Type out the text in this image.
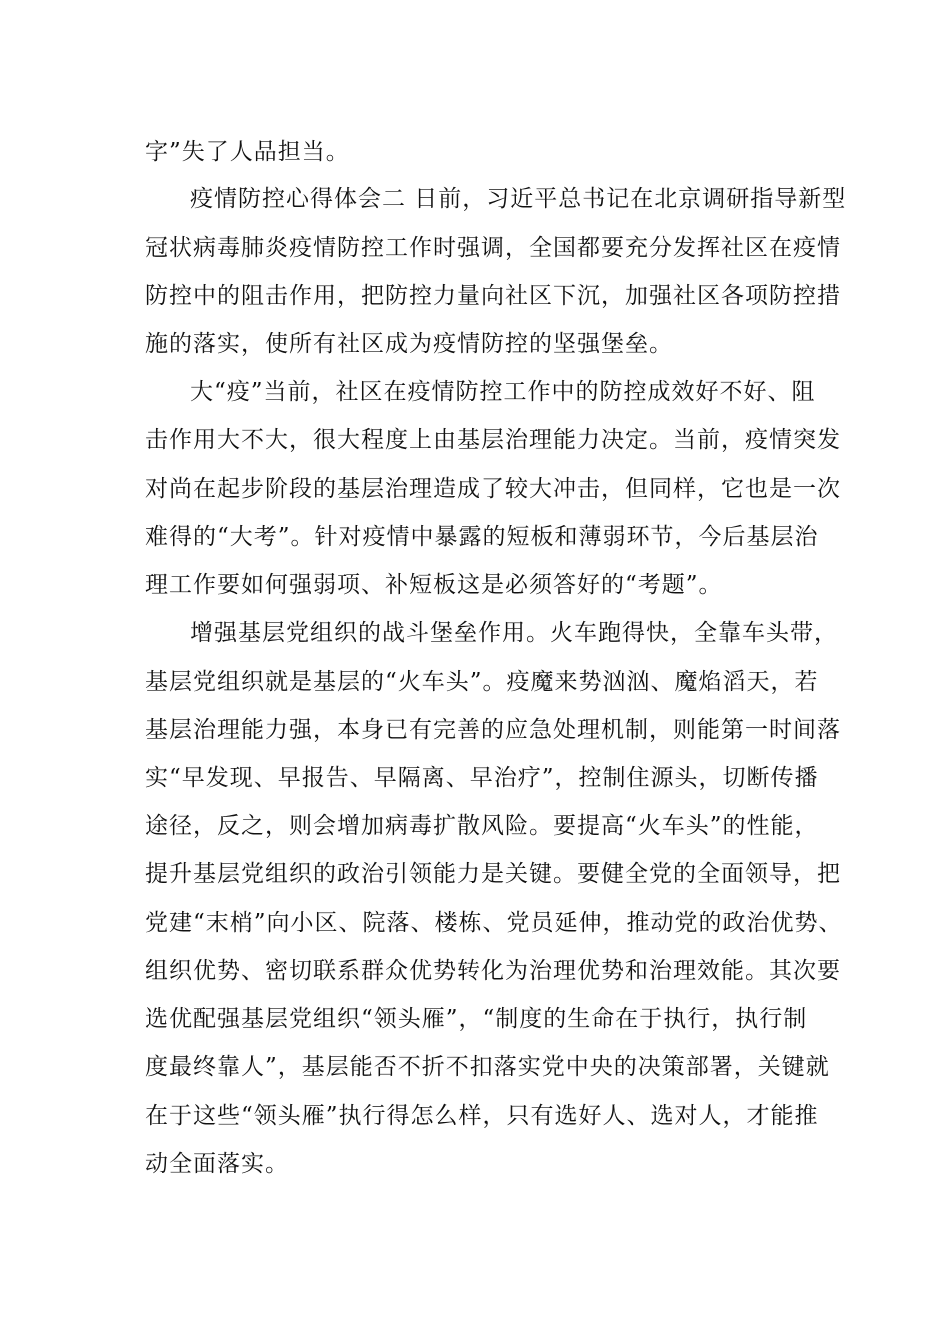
字”失了人品担当。
疫情防控心得体会二 日前，习近平总书记在北京调研指导新型
冠状病毒肺炎疫情防控工作时强调，全国都要充分发挥社区在疫情
防控中的阻击作用，把防控力量向社区下沉，加强社区各项防控措
施的落实，使所有社区成为疫情防控的坚强堡垒。
大“疫”当前，社区在疫情防控工作中的防控成效好不好、阻
击作用大不大，很大程度上由基层治理能力决定。当前，疫情突发
对尚在起步阶段的基层治理造成了较大冲击，但同样，它也是一次
难得的“大考”。针对疫情中暴露的短板和薄弱环节，今后基层治
理工作要如何强弱项、补短板这是必须答好的“考题”。
增强基层党组织的战斗堡垒作用。火车跑得快，全靠车头带，
基层党组织就是基层的“火车头”。疫魔来势汹汹、魔焰滔天，若
基层治理能力强，本身已有完善的应急处理机制，则能第一时间落
实“早发现、早报告、早隔离、早治疗”，控制住源头，切断传播
途径，反之，则会增加病毒扩散风险。要提高“火车头”的性能，
提升基层党组织的政治引领能力是关键。要健全党的全面领导，把
党建“末梢”向小区、院落、楼栋、党员延伸，推动党的政治优势、
组织优势、密切联系群众优势转化为治理优势和治理效能。其次要
选优配强基层党组织“领头雁”，“制度的生命在于执行，执行制
度最终靠人”，基层能否不折不扣落实党中央的决策部署，关键就
在于这些“领头雁”执行得怎么样，只有选好人、选对人，才能推
动全面落实。
